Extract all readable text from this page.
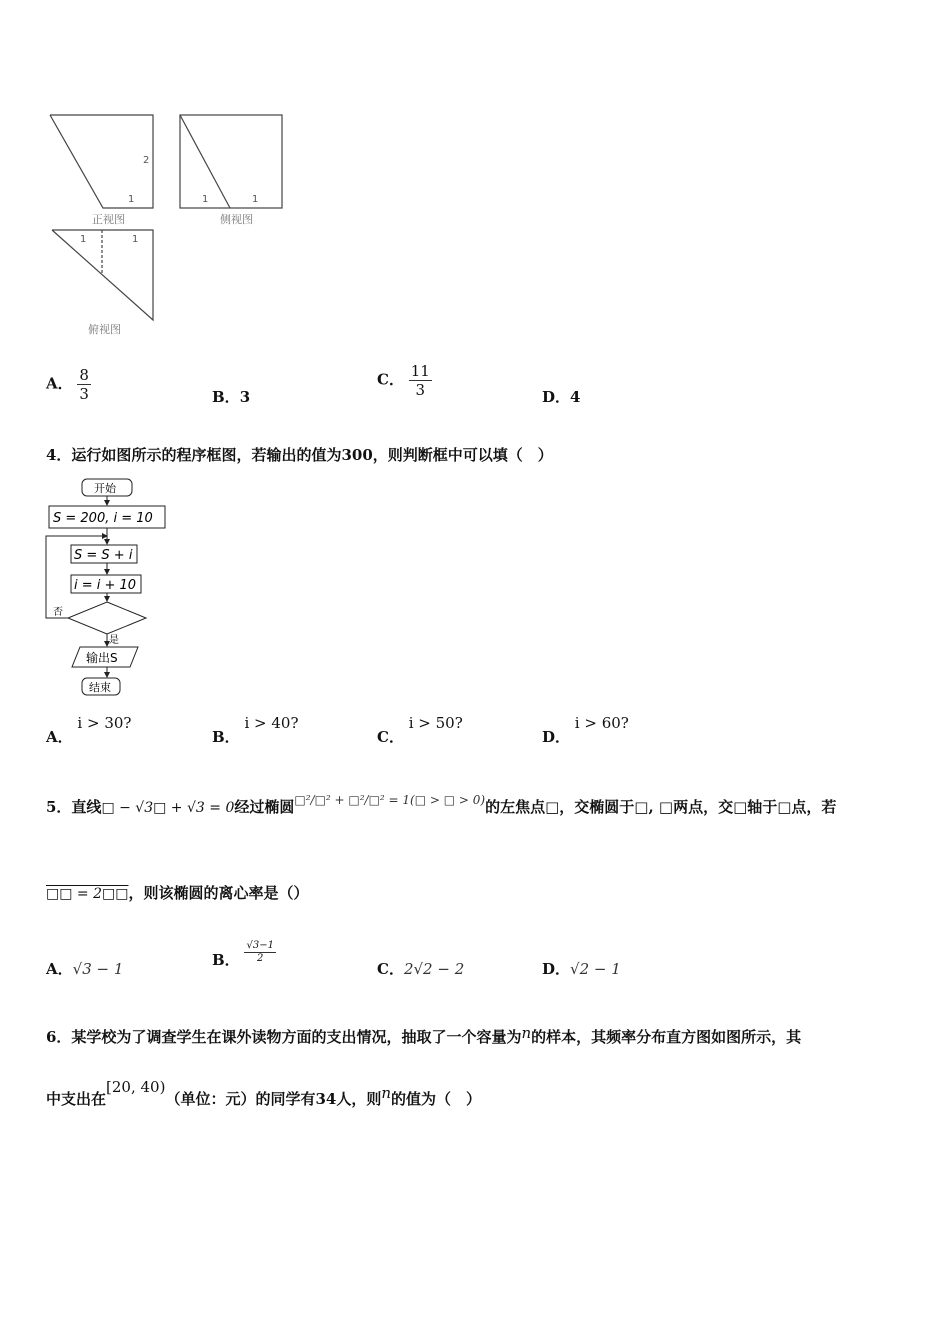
1
2
正视图
1	1
侧视图
1	1
俯视图
A． $\frac{8}{3}$	B．3
C． $\frac{11}{3}$	D．4
4．运行如图所示的程序框图，若输出的值为300，则判断框中可以填（　）
开始
S = 200, i = 10
S = S + i
i = i + 10
否
是
输出S
结束
A． i > 30?
B． i > 40?
C． i > 50?
D． i > 60?
5．直线□ − √3□ + √3 = 0经过椭圆$^{□^2/□^2 + □^2/□^2 = 1(□ > □ > 0)}$的左焦点□，交椭圆于□, □两点，交□轴于□点，若
□□ = 2□□，则该椭圆的离心率是（）
A．√3 − 1
B． $\frac{√3-1}{2}$
C．2√2 − 2	D．√2 − 1
6．某学校为了调查学生在课外读物方面的支出情况，抽取了一个容量为n的样本，其频率分布直方图如图所示，其
中支出在[20, 40)（单位：元）的同学有34人，则n的值为（　）
